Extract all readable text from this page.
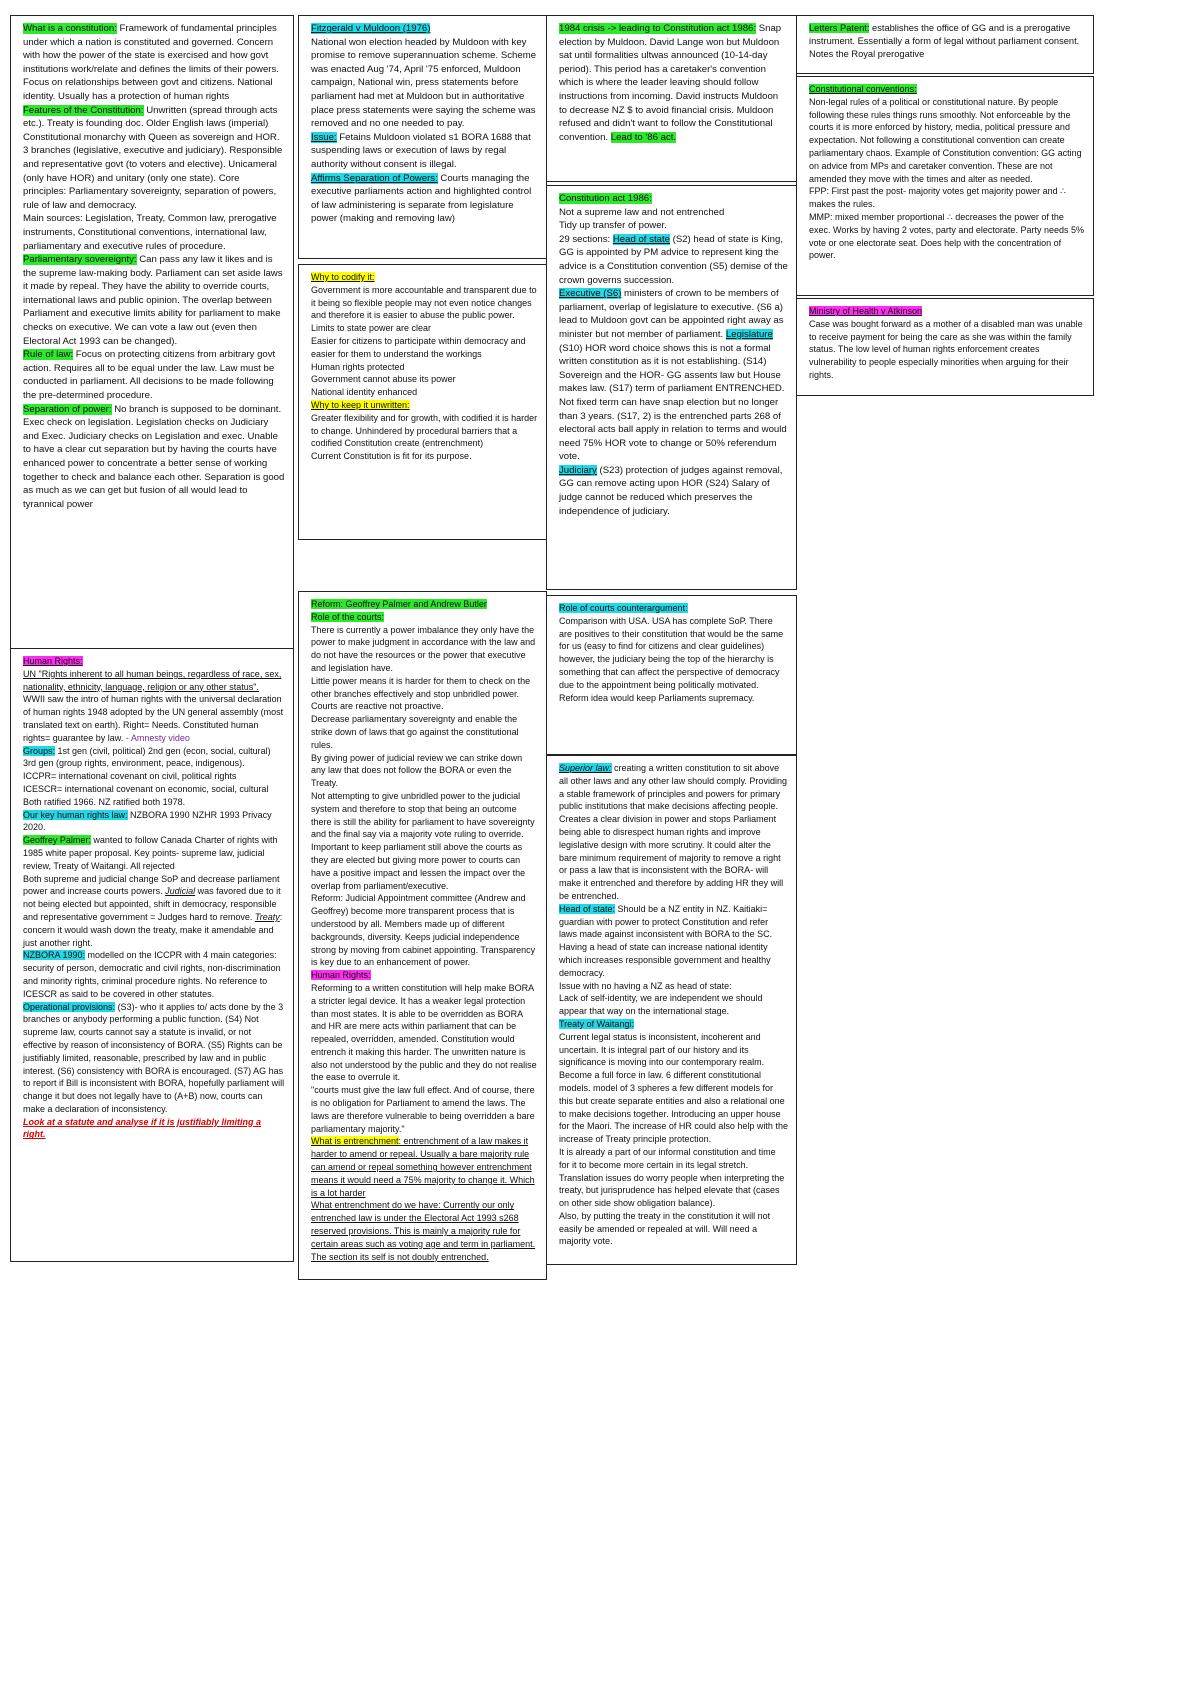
What is a constitution: Framework of fundamental principles under which a nation is constituted and governed. Concern with how the power of the state is exercised and how govt institutions work/relate and defines the limits of their powers. Focus on relationships between govt and citizens. National identity. Usually has a protection of human rights

Features of the Constitution: Unwritten (spread through acts etc.). Treaty is founding doc. Older English laws (imperial) Constitutional monarchy with Queen as sovereign and HOR. 3 branches (legislative, executive and judiciary). Responsible and representative govt (to voters and elective). Unicameral (only have HOR) and unitary (only one state). Core principles: Parliamentary sovereignty, separation of powers, rule of law and democracy.

Main sources: Legislation, Treaty, Common law, prerogative instruments, Constitutional conventions, international law, parliamentary and executive rules of procedure.

Parliamentary sovereignty: Can pass any law it likes and is the supreme law-making body. Parliament can set aside laws it made by repeal. They have the ability to override courts, international laws and public opinion. The overlap between Parliament and executive limits ability for parliament to make checks on executive. We can vote a law out (even then Electoral Act 1993 can be changed).

Rule of law: Focus on protecting citizens from arbitrary govt action. Requires all to be equal under the law. Law must be conducted in parliament. All decisions to be made following the pre-determined procedure.

Separation of power: No branch is supposed to be dominant. Exec check on legislation. Legislation checks on Judiciary and Exec. Judiciary checks on Legislation and exec. Unable to have a clear cut separation but by having the courts have enhanced power to concentrate a better sense of working together to check and balance each other. Separation is good as much as we can get but fusion of all would lead to tyrannical power

Human Rights:

UN "Rights inherent to all human beings, regardless of race, sex, nationality, ethnicity, language, religion or any other status".

WWII saw the intro of human rights with the universal declaration of human rights 1948 adopted by the UN general assembly (most translated text on earth). Right= Needs. Constituted human rights= guarantee by law. - Amnesty video

Groups: 1st gen (civil, political) 2nd gen (econ, social, cultural) 3rd gen (group rights, environment, peace, indigenous).

ICCPR= international covenant on civil, political rights

ICESCR= international covenant on economic, social, cultural

Both ratified 1966. NZ ratified both 1978.

Our key human rights law: NZBORA 1990 NZHR 1993 Privacy 2020.

Geoffrey Palmer: wanted to follow Canada Charter of rights with 1985 white paper proposal. Key points- supreme law, judicial review, Treaty of Waitangi. All rejected

Both supreme and judicial change SoP and decrease parliament power and increase courts powers. Judicial was favored due to it not being elected but appointed, shift in democracy, responsible and representative government = Judges hard to remove. Treaty: concern it would wash down the treaty, make it amendable and just another right.

NZBORA 1990: modelled on the ICCPR with 4 main categories: security of person, democratic and civil rights, non-discrimination and minority rights, criminal procedure rights. No reference to ICESCR as said to be covered in other statutes.

Operational provisions: (S3)- who it applies to/ acts done by the 3 branches or anybody performing a public function. (S4) Not supreme law, courts cannot say a statute is invalid, or not effective by reason of inconsistency of BORA. (S5) Rights can be justifiably limited, reasonable, prescribed by law and in public interest. (S6) consistency with BORA is encouraged. (S7) AG has to report if Bill is inconsistent with BORA, hopefully parliament will change it but does not legally have to (A+B) now, courts can make a declaration of inconsistency.

Look at a statute and analyse if it is justifiably limiting a right.

Fitzgerald v Muldoon (1976)

National won election headed by Muldoon with key promise to remove superannuation scheme. Scheme was enacted Aug '74, April '75 enforced, Muldoon campaign, National win, press statements before parliament had met at Muldoon but in authoritative place press statements were saying the scheme was removed and no one needed to pay.

Issue: Fetains Muldoon violated s1 BORA 1688 that suspending laws or execution of laws by regal authority without consent is illegal.

Affirms Separation of Powers: Courts managing the executive parliaments action and highlighted control of law administering is separate from legislature power (making and removing law)

Why to codify it:

Government is more accountable and transparent due to it being so flexible people may not even notice changes and therefore it is easier to abuse the public power.

Limits to state power are clear

Easier for citizens to participate within democracy and easier for them to understand the workings

Human rights protected

Government cannot abuse its power

National identity enhanced

Why to keep it unwritten:

Greater flexibility and for growth, with codified it is harder to change. Unhindered by procedural barriers that a codified Constitution create (entrenchment)

Current Constitution is fit for its purpose.

Reform: Geoffrey Palmer and Andrew Butler

Role of the courts:

There is currently a power imbalance they only have the power to make judgment in accordance with the law and do not have the resources or the power that executive and legislation have.

Little power means it is harder for them to check on the other branches effectively and stop unbridled power. Courts are reactive not proactive.

Decrease parliamentary sovereignty and enable the strike down of laws that go against the constitutional rules.

By giving power of judicial review we can strike down any law that does not follow the BORA or even the Treaty.

Not attempting to give unbridled power to the judicial system and therefore to stop that being an outcome there is still the ability for parliament to have sovereignty and the final say via a majority vote ruling to override. Important to keep parliament still above the courts as they are elected but giving more power to courts can have a positive impact and lessen the impact over the overlap from parliament/executive.

Reform: Judicial Appointment committee (Andrew and Geoffrey) become more transparent process that is understood by all. Members made up of different backgrounds, diversity. Keeps judicial independence strong by moving from cabinet appointing. Transparency is key due to an enhancement of power.

Human Rights:

Reforming to a written constitution will help make BORA a stricter legal device. It has a weaker legal protection than most states. It is able to be overridden as BORA and HR are mere acts within parliament that can be repealed, overridden, amended. Constitution would entrench it making this harder. The unwritten nature is also not understood by the public and they do not realise the ease to overrule it.

"courts must give the law full effect. And of course, there is no obligation for Parliament to amend the laws. The laws are therefore vulnerable to being overridden a bare parliamentary majority."

What is entrenchment: entrenchment of a law makes it harder to amend or repeal. Usually a bare majority rule can amend or repeal something however entrenchment means it would need a 75% majority to change it. Which is a lot harder

What entrenchment do we have: Currently our only entrenched law is under the Electoral Act 1993 s268 reserved provisions. This is mainly a majority rule for certain areas such as voting age and term in parliament. The section its self is not doubly entrenched.

1984 crisis -> leading to Constitution act 1986: Snap election by Muldoon. David Lange won but Muldoon sat until formalities ultwas announced (10-14-day period). This period has a caretaker's convention which is where the leader leaving should follow instructions from incoming. David instructs Muldoon to decrease NZ $ to avoid financial crisis. Muldoon refused and didn't want to follow the Constitutional convention. Lead to '86 act.

Constitution act 1986:

Not a supreme law and not entrenched

Tidy up transfer of power.

29 sections: Head of state (S2) head of state is King, GG is appointed by PM advice to represent king the advice is a Constitution convention (S5) demise of the crown governs succession.

Executive (S6) ministers of crown to be members of parliament, overlap of legislature to executive. (S6 a) lead to Muldoon govt can be appointed right away as minister but not member of parliament. Legislature (S10) HOR word choice shows this is not a formal written constitution as it is not establishing. (S14) Sovereign and the HOR- GG assents law but House makes law. (S17) term of parliament ENTRENCHED. Not fixed term can have snap election but no longer than 3 years. (S17, 2) is the entrenched parts 268 of electoral acts ball apply in relation to terms and would need 75% HOR vote to change or 50% referendum vote.

Judiciary (S23) protection of judges against removal, GG can remove acting upon HOR (S24) Salary of judge cannot be reduced which preserves the independence of judiciary.

Role of courts counterargument:

Comparison with USA. USA has complete SoP. There are positives to their constitution that would be the same for us (easy to find for citizens and clear guidelines) however, the judiciary being the top of the hierarchy is something that can affect the perspective of democracy due to the appointment being politically motivated. Reform idea would keep Parliaments supremacy.

Superior law: creating a written constitution to sit above all other laws and any other law should comply. Providing a stable framework of principles and powers for primary public institutions that make decisions affecting people. Creates a clear division in power and stops Parliament being able to disrespect human rights and improve legislative design with more scrutiny. It could alter the bare minimum requirement of majority to remove a right or pass a law that is inconsistent with the BORA- will make it entrenched and therefore by adding HR they will be entrenched.

Head of state: Should be a NZ entity in NZ. Kaitiaki= guardian with power to protect Constitution and refer laws made against inconsistent with BORA to the SC. Having a head of state can increase national identity which increases responsible government and healthy democracy.

Issue with no having a NZ as head of state:

Lack of self-identity, we are independent we should appear that way on the international stage.

Treaty of Waitangi:

Current legal status is inconsistent, incoherent and uncertain. It is integral part of our history and its significance is moving into our contemporary realm. Become a full force in law. 6 different constitutional models. model of 3 spheres a few different models for this but create separate entities and also a relational one to make decisions together. Introducing an upper house for the Maori. The increase of HR could also help with the increase of Treaty principle protection.

It is already a part of our informal constitution and time for it to become more certain in its legal stretch. Translation issues do worry people when interpreting the treaty, but jurisprudence has helped elevate that (cases on other side show obligation balance).

Also, by putting the treaty in the constitution it will not easily be amended or repealed at will. Will need a majority vote.

Letters Patent: establishes the office of GG and is a prerogative instrument. Essentially a form of legal without parliament consent. Notes the Royal prerogative

Constitutional conventions:

Non-legal rules of a political or constitutional nature. By people following these rules things runs smoothly. Not enforceable by the courts it is more enforced by history, media, political pressure and expectation. Not following a constitutional convention can create parliamentary chaos. Example of Constitution convention: GG acting on advice from MPs and caretaker convention. These are not amended they move with the times and alter as needed.

FPP: First past the post- majority votes get majority power and ∴ makes the rules.

MMP: mixed member proportional ∴ decreases the power of the exec. Works by having 2 votes, party and electorate. Party needs 5% vote or one electorate seat. Does help with the concentration of power.

Ministry of Health v Atkinson

Case was bought forward as a mother of a disabled man was unable to receive payment for being the care as she was within the family status. The low level of human rights enforcement creates vulnerability to people especially minorities when arguing for their rights.
